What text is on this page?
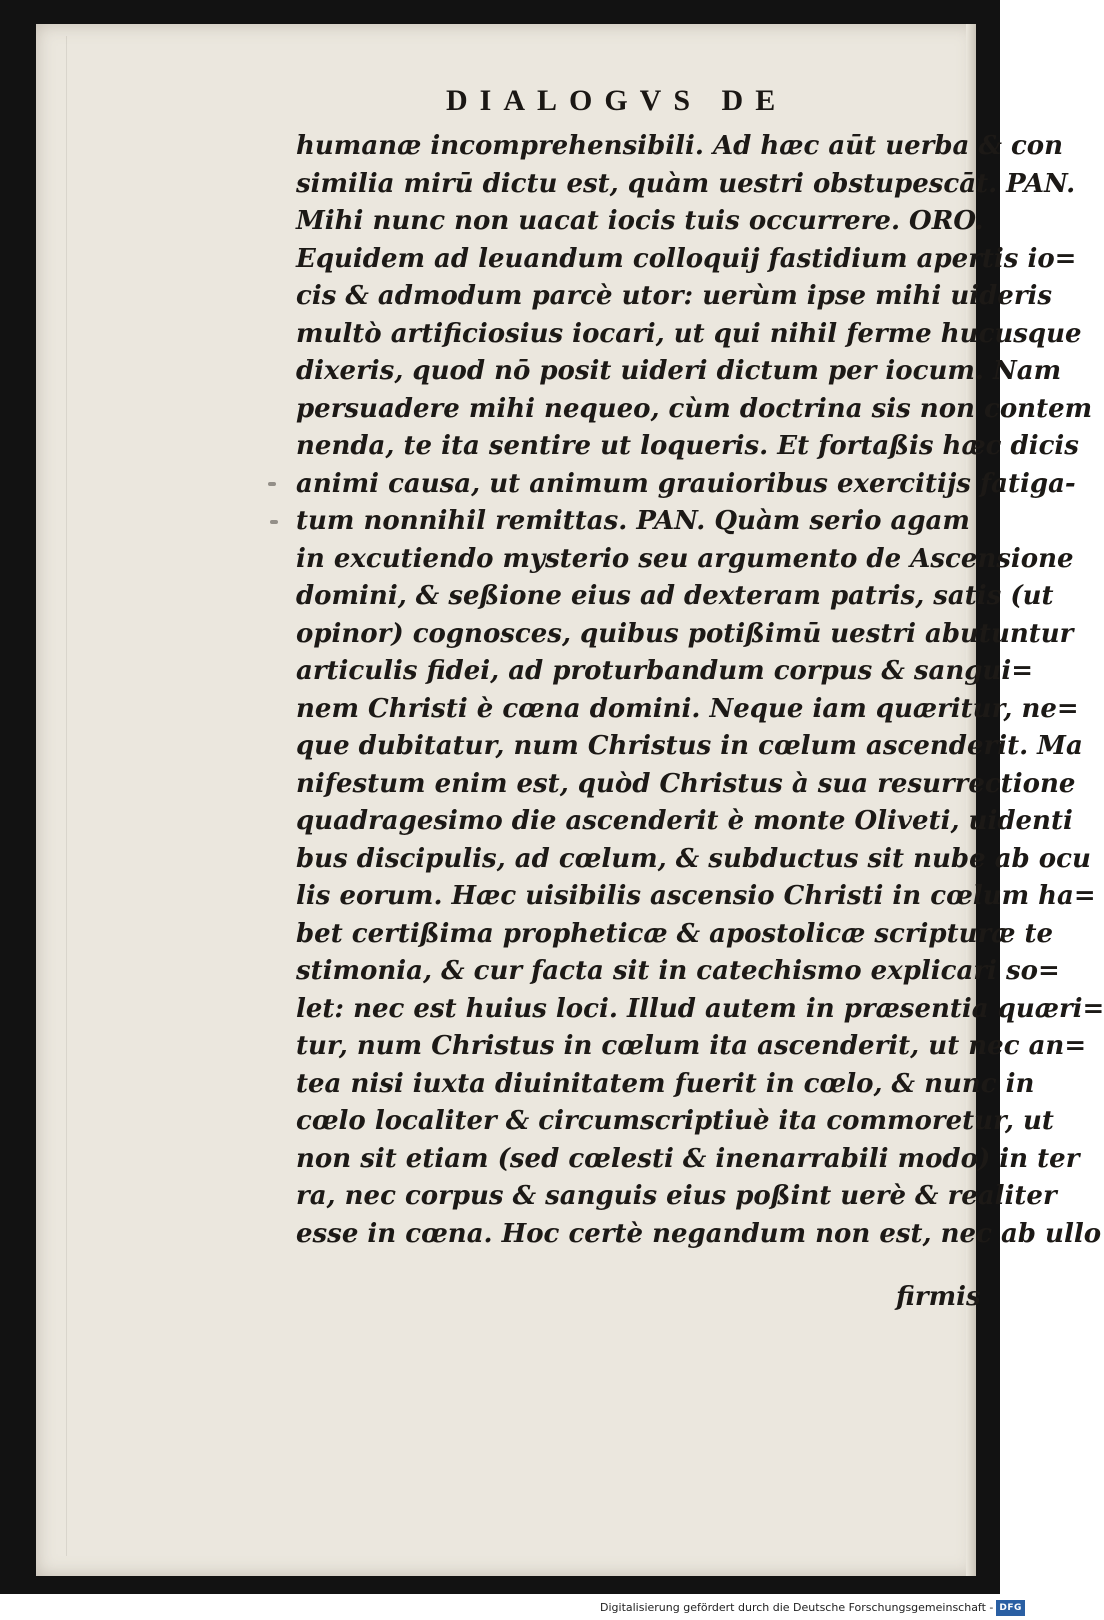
DIALOGVS DE
humanæ incomprehensibili. Ad hæc aūt uerba & con
similia mirū dictu est, quàm uestri obstupescāt. PAN.
Mihi nunc non uacat iocis tuis occurrere. ORO.
Equidem ad leuandum colloquij fastidium apertis io=
cis & admodum parcè utor: uerùm ipse mihi uideris
multò artificiosius iocari, ut qui nihil ferme hucusque
dixeris, quod nō posit uideri dictum per iocum. Nam
persuadere mihi nequeo, cùm doctrina sis non contem
nenda, te ita sentire ut loqueris. Et fortaßis hæc dicis
animi causa, ut animum grauioribus exercitijs fatiga-
tum nonnihil remittas. PAN. Quàm serio agam
in excutiendo mysterio seu argumento de Ascensione
domini, & seßione eius ad dexteram patris, satis (ut
opinor) cognosces, quibus potißimū uestri abutuntur
articulis fidei, ad proturbandum corpus & sangui=
nem Christi è cœna domini. Neque iam quæritur, ne=
que dubitatur, num Christus in cœlum ascenderit. Ma
nifestum enim est, quòd Christus à sua resurrectione
quadragesimo die ascenderit è monte Olivetі, uidenti
bus discipulis, ad cœlum, & subductus sit nube ab ocu
lis eorum. Hæc uisibilis ascensio Christi in cœlum ha=
bet certißima propheticæ & apostolicæ scripturæ te
stimonia, & cur facta sit in catechismo explicari so=
let: nec est huius loci. Illud autem in præsentia quæri=
tur, num Christus in cœlum ita ascenderit, ut nec an=
tea nisi iuxta diuinitatem fuerit in cœlo, & nunc in
cœlo localiter & circumscriptiuè ita commoretur, ut
non sit etiam (sed cœlesti & inenarrabili modo) in ter
ra, nec corpus & sanguis eius poßint uerè & realiter
esse in cœna. Hoc certè negandum non est, nec ab ullo
firmis
Digitalisierung gefördert durch die Deutsche Forschungsgemeinschaft - DFG
